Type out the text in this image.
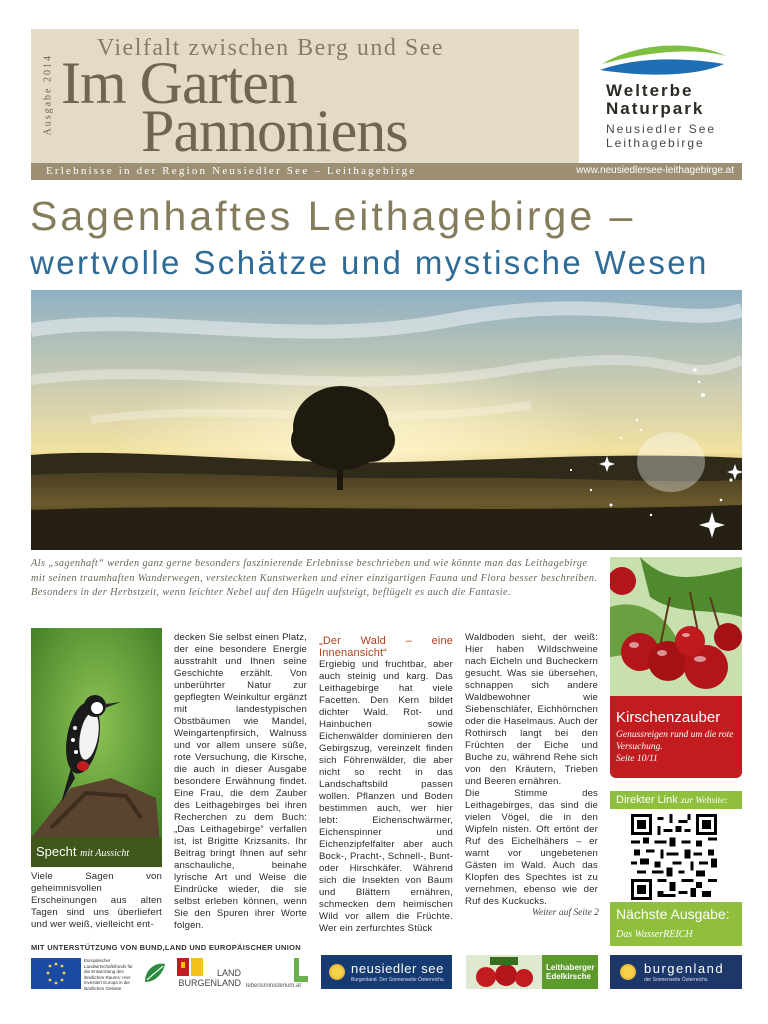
Vielfalt zwischen Berg und See
Ausgabe 2014 Im Garten
Pannoniens
Erlebnisse in der Region Neusiedler See – Leithagebirge	www.neusiedlersee-leithagebirge.at
Welterbe
Naturpark
Neusiedler See
Leithagebirge
Sagenhaftes Leithagebirge –
wertvolle Schätze und mystische Wesen

Als „sagenhaft“ werden ganz gerne besonders faszinierende Erlebnisse beschrieben und wie könnte man das Leithagebirge mit seinen traumhaften Wanderwegen, versteckten Kunstwerken und einer einzigartigen Fauna und Flora besser beschreiben. Besonders in der Herbstzeit, wenn leichter Nebel auf den Hügeln aufsteigt, beflügelt es auch die Fantasie.

Specht mit Aussicht

Viele Sagen von geheimnisvollen Erscheinungen aus alten Tagen sind uns überliefert und wer weiß, vielleicht ent-

decken Sie selbst einen Platz, der eine besondere Energie ausstrahlt und Ihnen seine Geschichte erzählt. Von unberührter Natur zur gepflegten Weinkultur ergänzt mit landestypischen Obstbäumen wie Mandel, Weingartenpfirsich, Walnuss und vor allem unsere süße, rote Versuchung, die Kirsche, die auch in dieser Ausgabe besondere Erwähnung findet. Eine Frau, die dem Zauber des Leithagebirges bei ihren Recherchen zu dem Buch: „Das Leithagebirge“ verfallen ist, ist Brigitte Krizsanits. Ihr Beitrag bringt Ihnen auf sehr anschauliche, beinahe lyrische Art und Weise die Eindrücke wieder, die sie selbst erleben können, wenn Sie den Spuren ihrer Worte folgen.

„Der Wald – eine Innenansicht“

Ergiebig und fruchtbar, aber auch steinig und karg. Das Leithagebirge hat viele Facetten. Den Kern bildet dichter Wald. Rot- und Hainbuchen sowie Eichenwälder dominieren den Gebirgszug, vereinzelt finden sich Föhrenwälder, die aber nicht so recht in das Landschaftsbild passen wollen. Pflanzen und Boden bestimmen auch, wer hier lebt: Eichenschwärmer, Eichenspinner und Eichenzipfelfalter aber auch Bock-, Pracht-, Schnell-, Bunt- oder Hirschkäfer. Während sich die Insekten von Baum und Blättern ernähren, schmecken dem heimischen Wild vor allem die Früchte. Wer ein zerfurchtes Stück

Waldboden sieht, der weiß: Hier haben Wildschweine nach Eicheln und Bucheckern gesucht. Was sie übersehen, schnappen sich andere Waldbewohner wie Siebenschläfer, Eichhörnchen oder die Haselmaus. Auch der Rothirsch langt bei den Früchten der Eiche und Buche zu, während Rehe sich von den Kräutern, Trieben und Beeren ernähren.

Die Stimme des Leithagebirges, das sind die vielen Vögel, die in den Wipfeln nisten. Oft ertönt der Ruf des Eichelhähers – er warnt vor ungebetenen Gästen im Wald. Auch das Klopfen des Spechtes ist zu vernehmen, ebenso wie der Ruf des Kuckucks.

Weiter auf Seite 2
Kirschenzauber

Genussreigen rund um die rote Versuchung.
Seite 10/11

Direkter Link zur Website:
Nächste Ausgabe:
Das WasserREICH
MIT UNTERSTÜTZUNG VON BUND,LAND UND EUROPÄISCHER UNION

Europäischer Landwirtschaftsfonds für die Entwicklung des ländlichen Raums: Hier investiert Europa in die ländlichen Gebiete

LAND
BURGENLAND lebensministerium.at
neusiedler see
Burgenland. Der Sonnenseite Österreichs.
Leithaberger
Edelkirsche
burgenland
der Sonnenseite Österreichs.
